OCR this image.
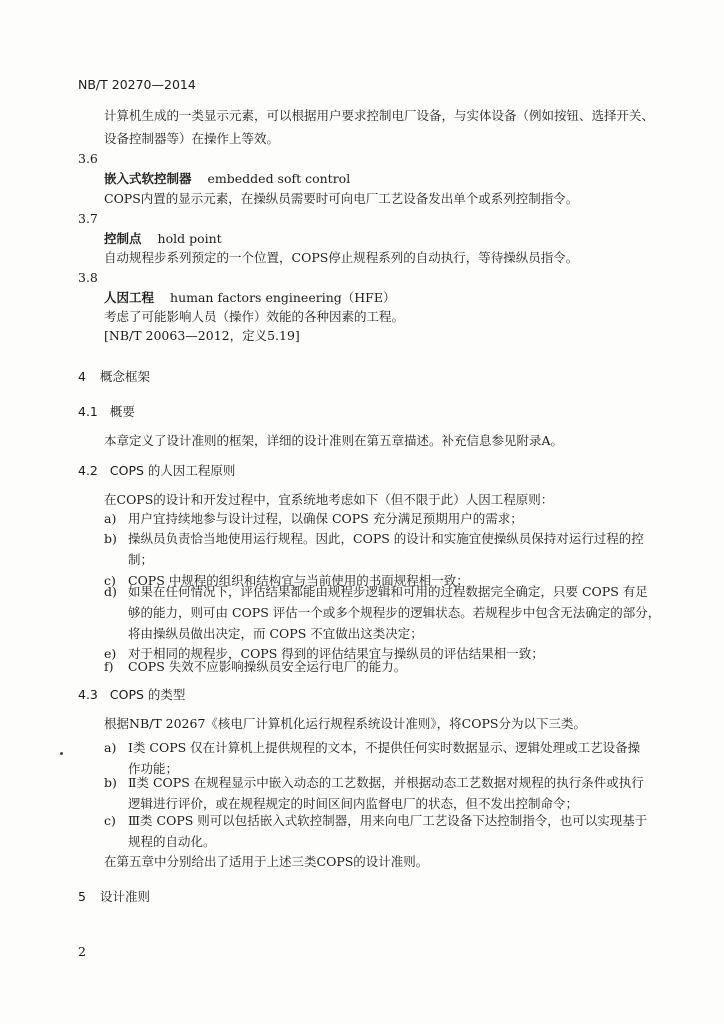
NB/T 20270—2014
计算机生成的一类显示元素，可以根据用户要求控制电厂设备，与实体设备（例如按钮、选择开关、
设备控制器等）在操作上等效。
3.6
嵌入式软控制器 embedded soft control
COPS内置的显示元素，在操纵员需要时可向电厂工艺设备发出单个或系列控制指令。
3.7
控制点 hold point
自动规程步系列预定的一个位置，COPS停止规程系列的自动执行，等待操纵员指令。
3.8
人因工程 human factors engineering（HFE）
考虑了可能影响人员（操作）效能的各种因素的工程。
[NB/T 20063—2012，定义5.19]
4 概念框架
4.1 概要
本章定义了设计准则的框架，详细的设计准则在第五章描述。补充信息参见附录A。
4.2 COPS 的人因工程原则
在COPS的设计和开发过程中，宜系统地考虑如下（但不限于此）人因工程原则：
a) 用户宜持续地参与设计过程，以确保 COPS 充分满足预期用户的需求；
b) 操纵员负责恰当地使用运行规程。因此，COPS 的设计和实施宜使操纵员保持对运行过程的控
制；
c) COPS 中规程的组织和结构宜与当前使用的书面规程相一致；
d) 如果在任何情况下，评估结果都能由规程步逻辑和可用的过程数据完全确定，只要 COPS 有足
够的能力，则可由 COPS 评估一个或多个规程步的逻辑状态。若规程步中包含无法确定的部分，
将由操纵员做出决定，而 COPS 不宜做出这类决定；
e) 对于相同的规程步，COPS 得到的评估结果宜与操纵员的评估结果相一致；
f)	COPS 失效不应影响操纵员安全运行电厂的能力。
4.3 COPS 的类型
根据NB/T 20267《核电厂计算机化运行规程系统设计准则》，将COPS分为以下三类。
a) Ⅰ类 COPS 仅在计算机上提供规程的文本，不提供任何实时数据显示、逻辑处理或工艺设备操
作功能；
b) Ⅱ类 COPS 在规程显示中嵌入动态的工艺数据，并根据动态工艺数据对规程的执行条件或执行
逻辑进行评价，或在规程规定的时间区间内监督电厂的状态，但不发出控制命令；
c) Ⅲ类 COPS 则可以包括嵌入式软控制器，用来向电厂工艺设备下达控制指令，也可以实现基于
规程的自动化。
在第五章中分别给出了适用于上述三类COPS的设计准则。
5 设计准则
2
